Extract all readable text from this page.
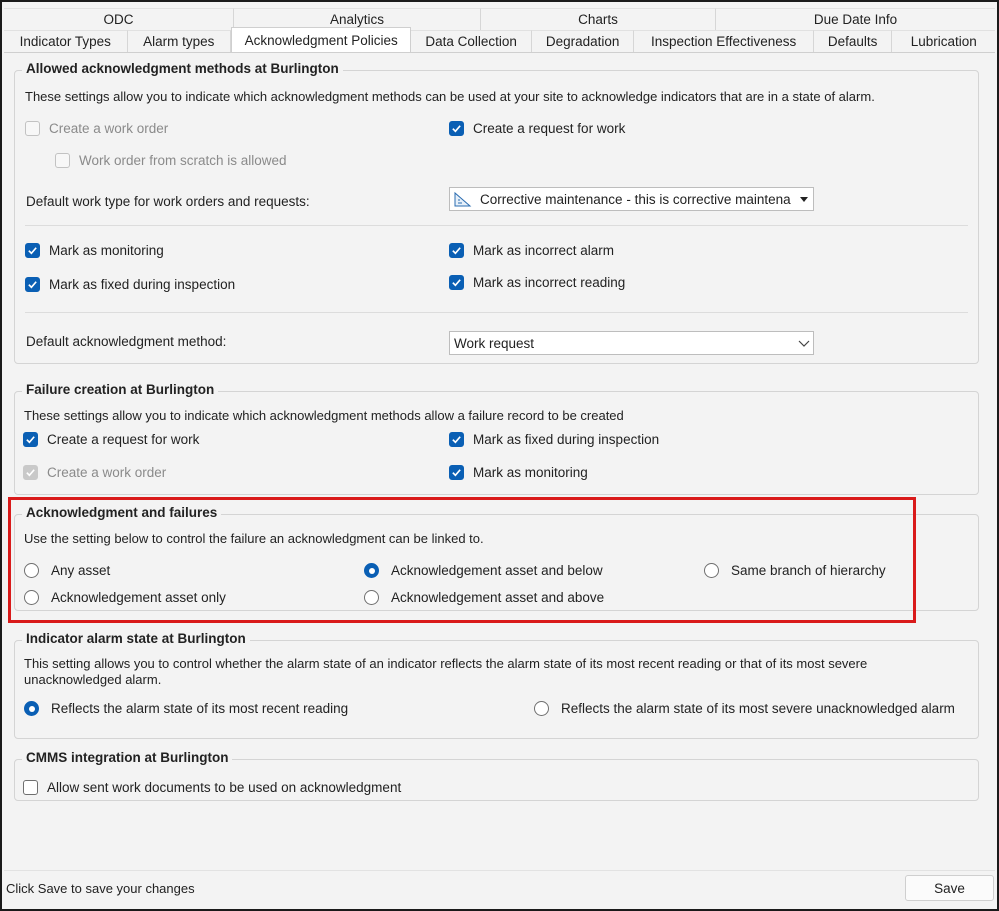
ODC	Analytics	Charts	Due Date Info
Indicator Types	Alarm types	Acknowledgment Policies	Data Collection	Degradation	Inspection Effectiveness	Defaults	Lubrication
Allowed acknowledgment methods at Burlington
These settings allow you to indicate which acknowledgment methods can be used at your site to acknowledge indicators that are in a state of alarm.
Create a work order	Create a request for work
Work order from scratch is allowed
Default work type for work orders and requests:	Corrective maintenance - this is corrective maintena
Mark as monitoring	Mark as incorrect alarm
Mark as fixed during inspection	Mark as incorrect reading
Default acknowledgment method:	Work request
Failure creation at Burlington
These settings allow you to indicate which acknowledgment methods allow a failure record to be created
Create a request for work	Mark as fixed during inspection
Create a work order	Mark as monitoring
Acknowledgment and failures
Use the setting below to control the failure an acknowledgment can be linked to.
Any asset	Acknowledgement asset and below	Same branch of hierarchy
Acknowledgement asset only	Acknowledgement asset and above
Indicator alarm state at Burlington
This setting allows you to control whether the alarm state of an indicator reflects the alarm state of its most recent reading or that of its most severe unacknowledged alarm.
Reflects the alarm state of its most recent reading	Reflects the alarm state of its most severe unacknowledged alarm
CMMS integration at Burlington
Allow sent work documents to be used on acknowledgment
Click Save to save your changes	Save
